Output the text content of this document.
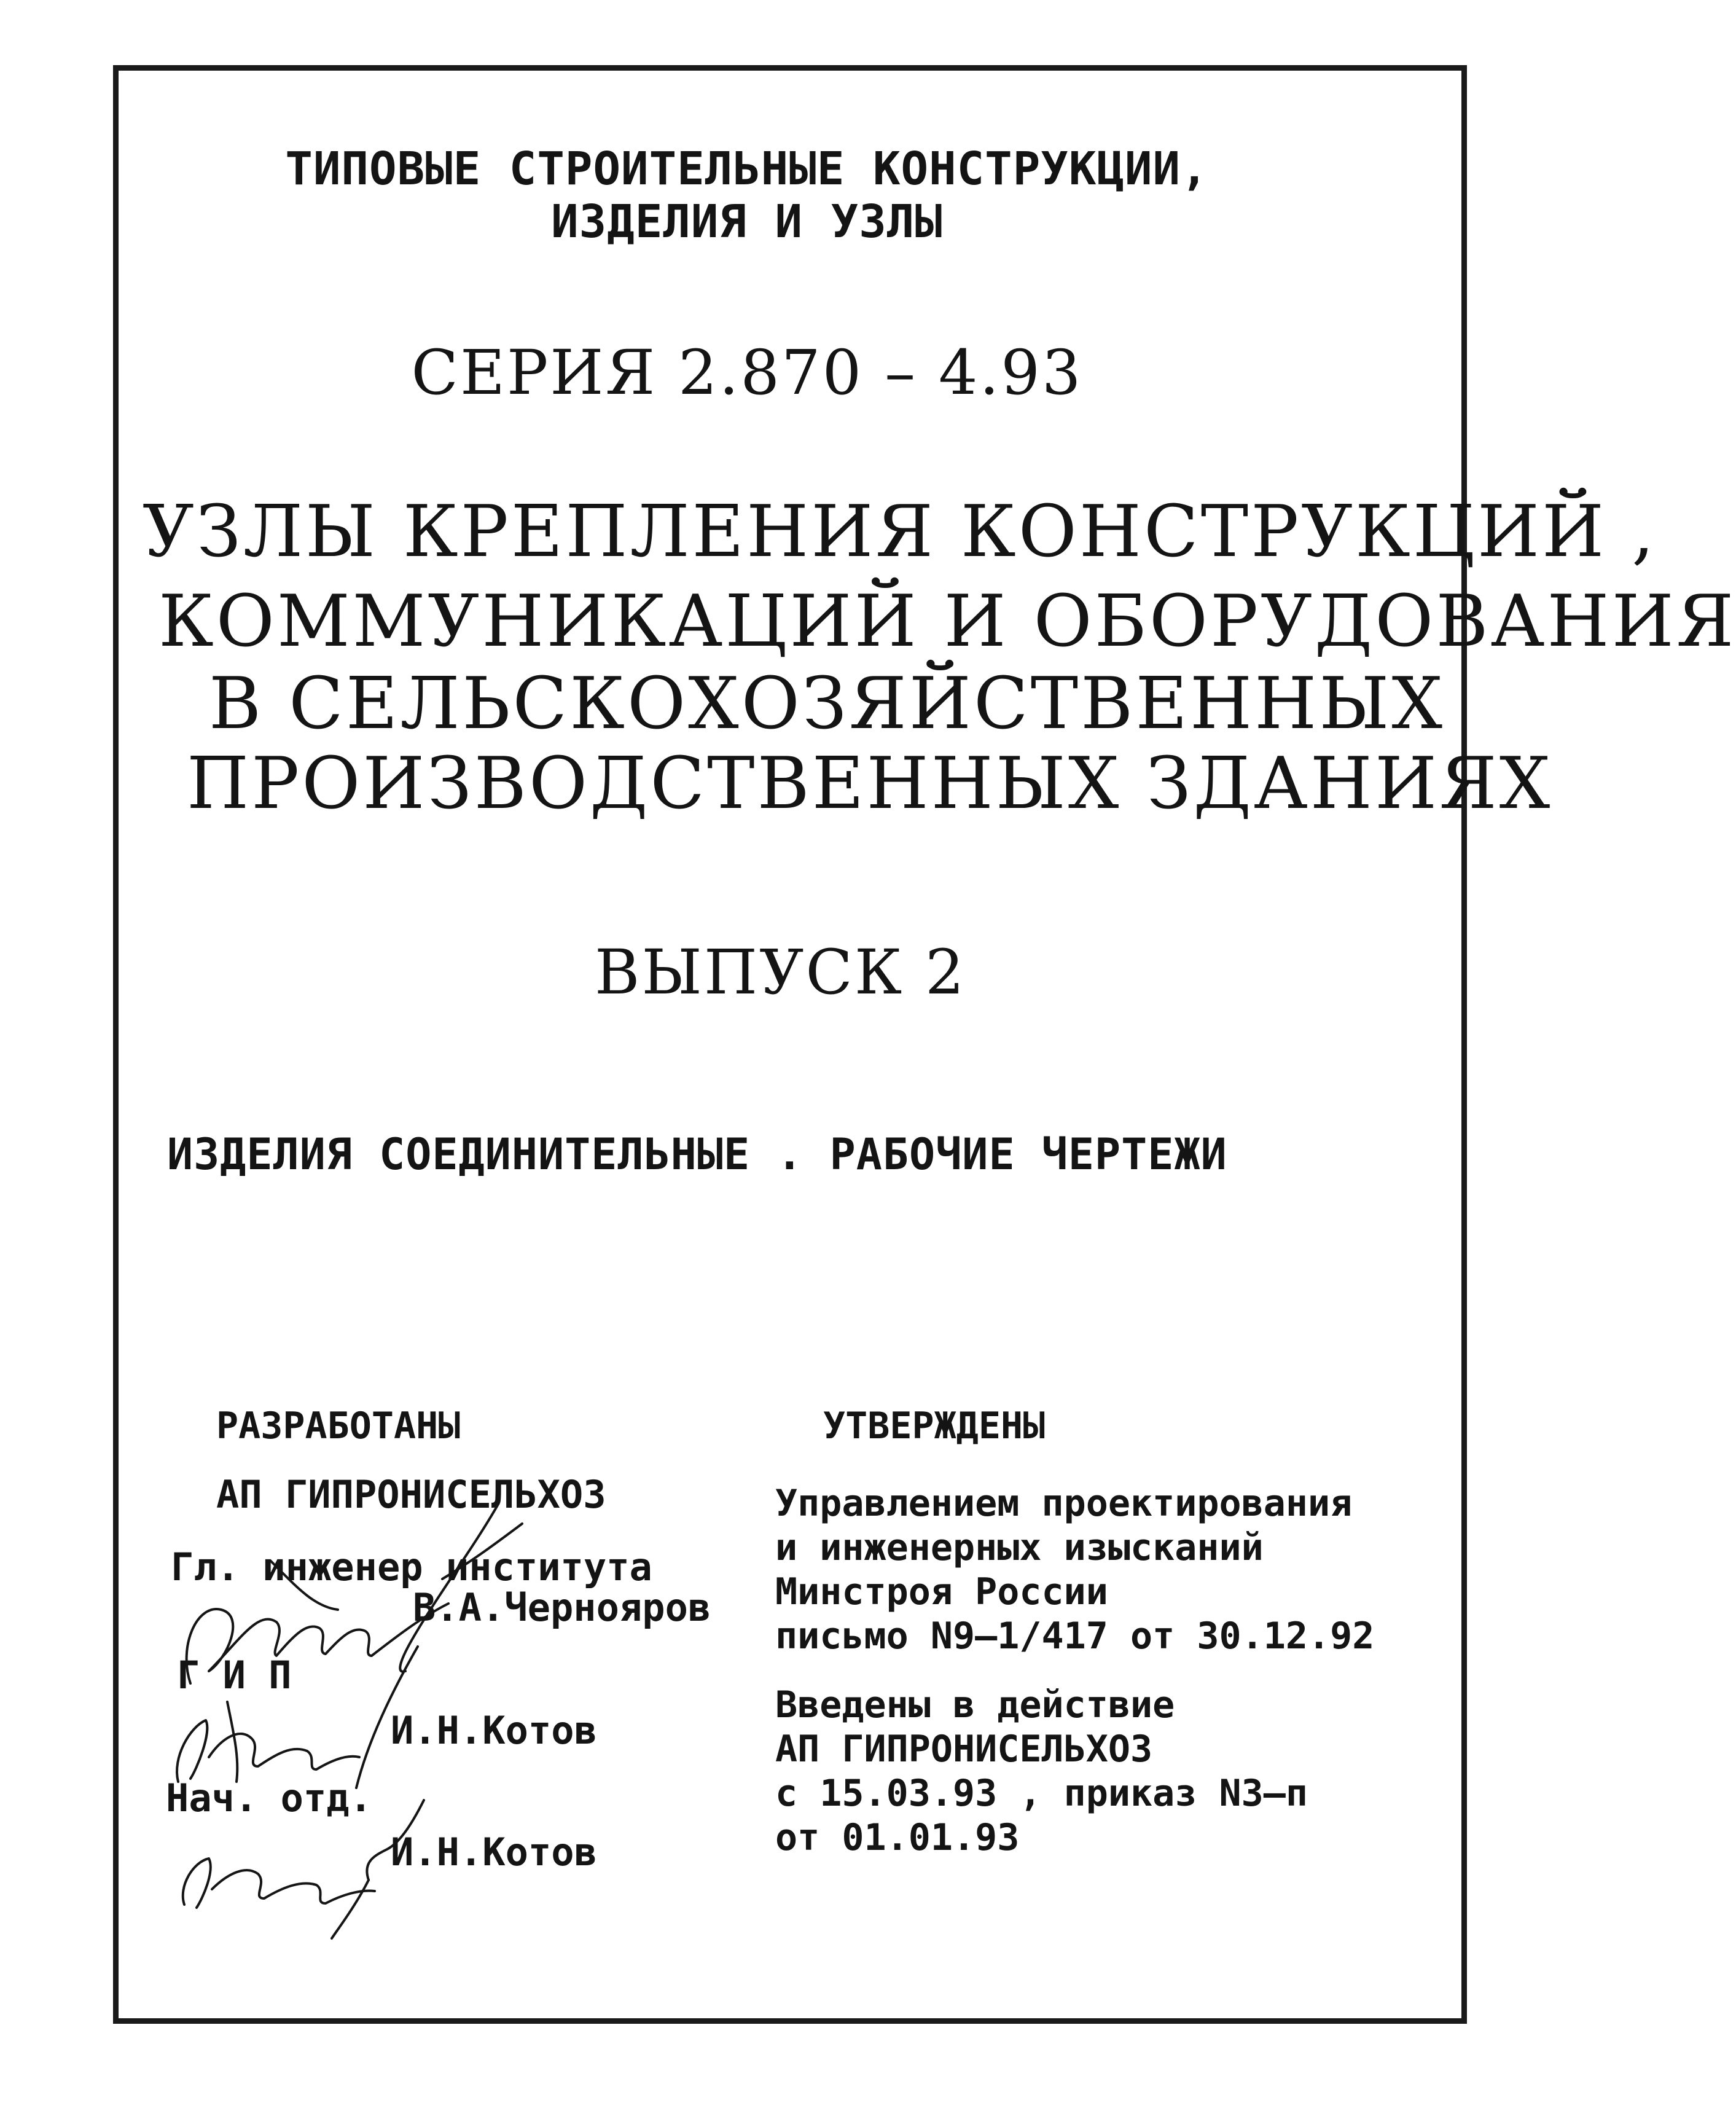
ТИПОВЫЕ СТРОИТЕЛЬНЫЕ КОНСТРУКЦИИ,

ИЗДЕЛИЯ И УЗЛЫ

СЕРИЯ 2.870 – 4.93

УЗЛЫ КРЕПЛЕНИЯ КОНСТРУКЦИЙ ,

КОММУНИКАЦИЙ И ОБОРУДОВАНИЯ

В СЕЛЬСКОХОЗЯЙСТВЕННЫХ

ПРОИЗВОДСТВЕННЫХ ЗДАНИЯХ

ВЫПУСК 2

ИЗДЕЛИЯ СОЕДИНИТЕЛЬНЫЕ . РАБОЧИЕ ЧЕРТЕЖИ

РАЗРАБОТАНЫ

АП ГИПРОНИСЕЛЬХОЗ

Гл. инженер института

В.А.Чернояров

Г И П

И.Н.Котов

Нач. отд.

И.Н.Котов

УТВЕРЖДЕНЫ

Управлением проектирования

и инженерных изысканий

Минстроя России

письмо N9–1/417 от 30.12.92

Введены в действие

АП ГИПРОНИСЕЛЬХОЗ

с 15.03.93 , приказ N3–п

от 01.01.93
